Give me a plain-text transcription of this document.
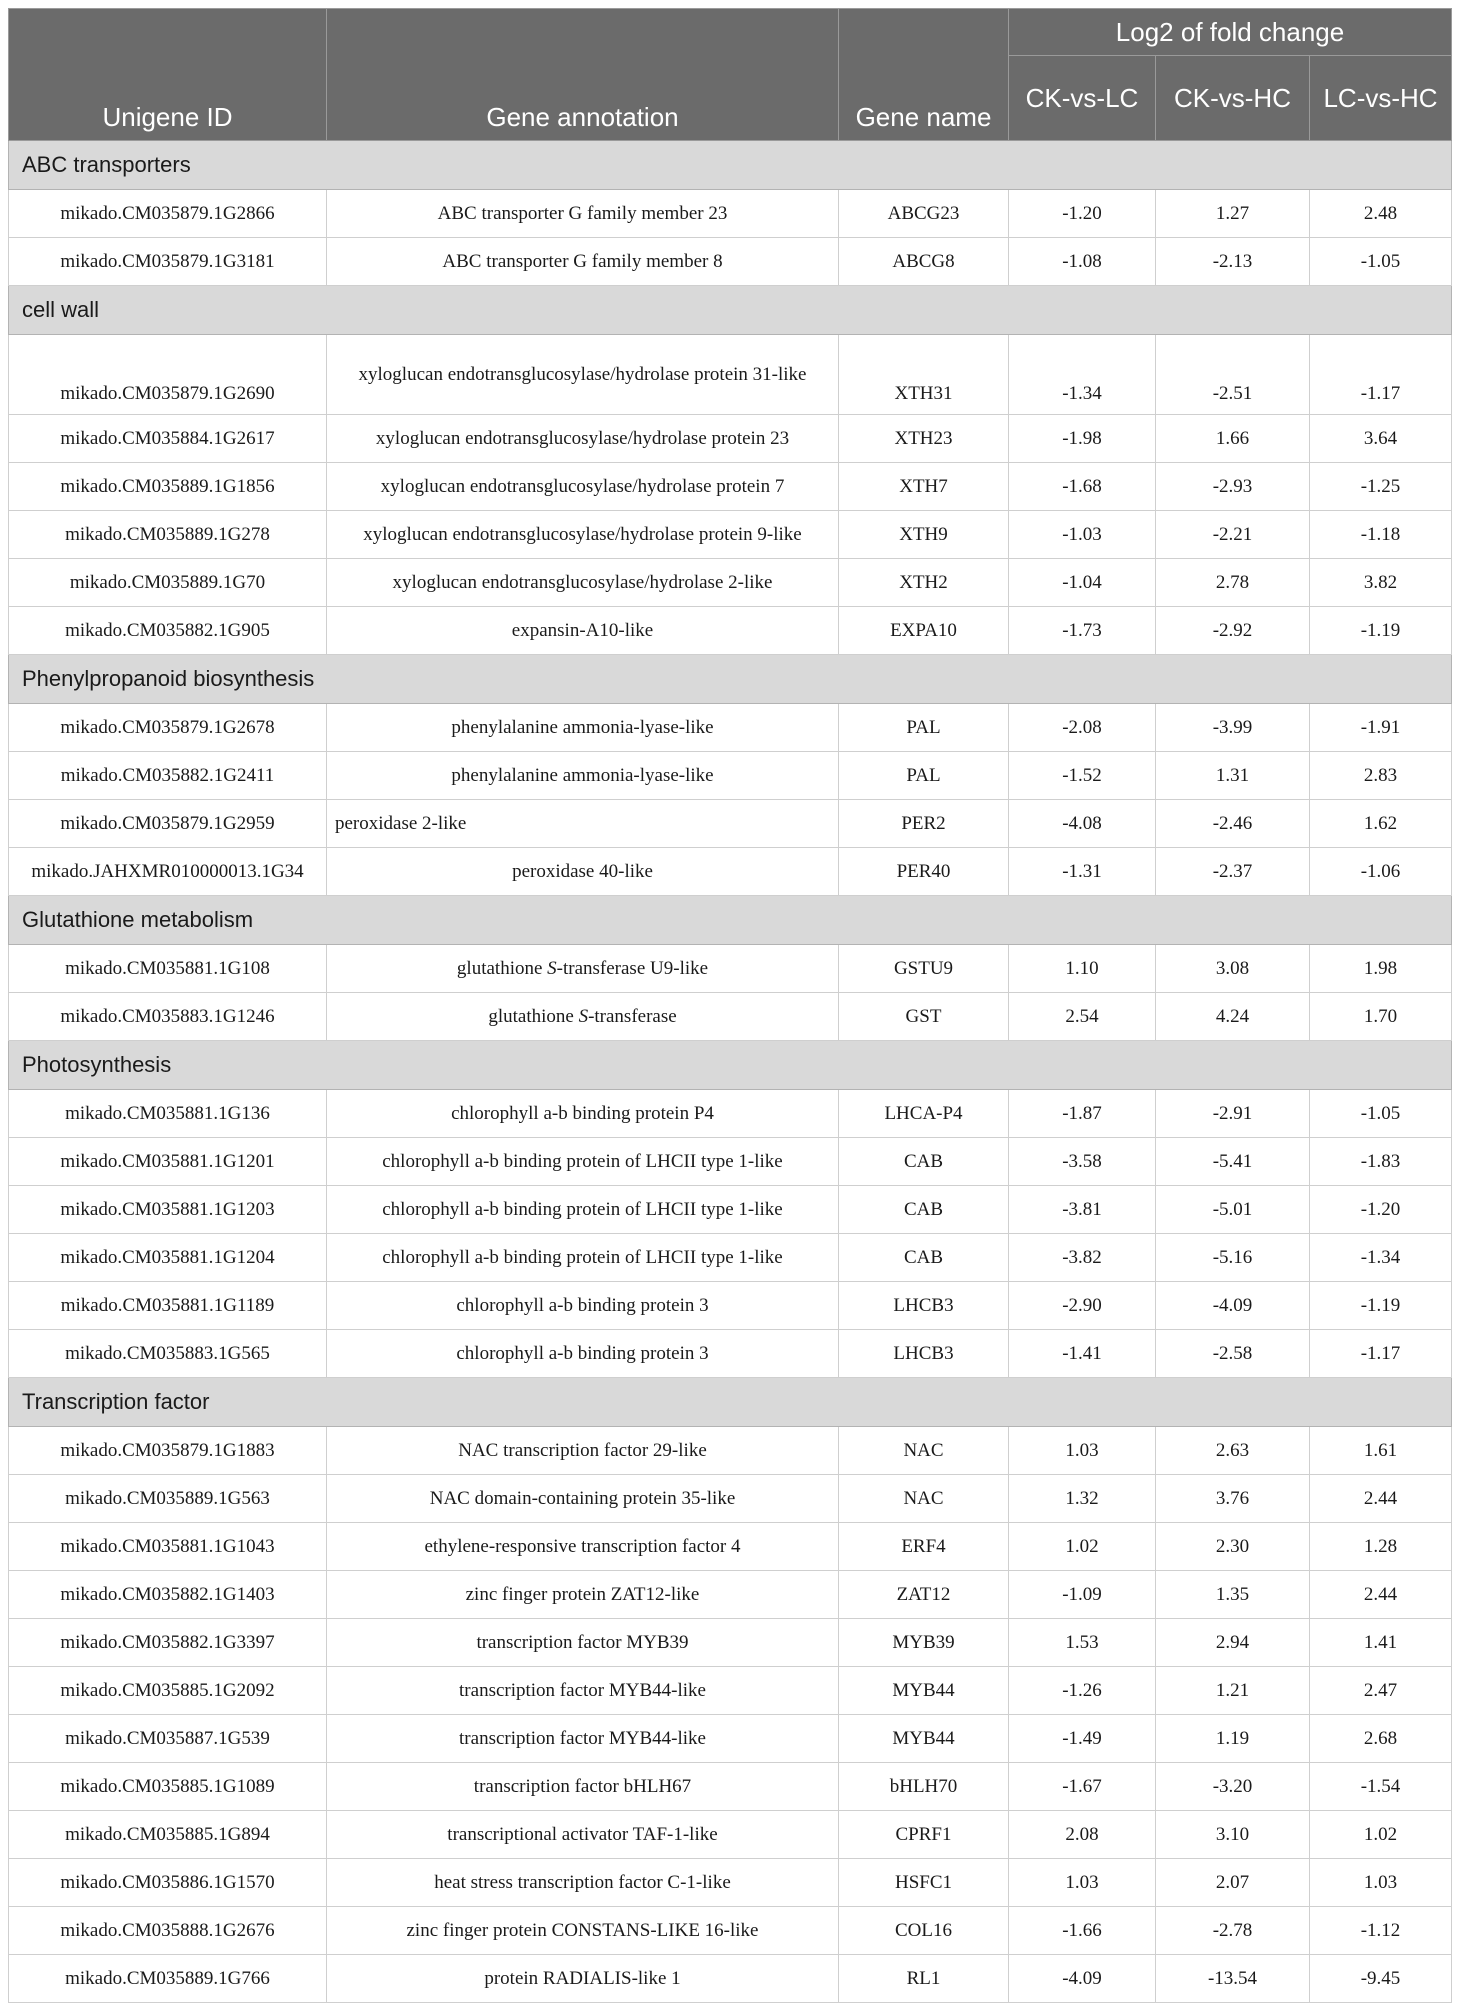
Unigene ID	Gene annotation	Gene name	Log2 of fold change		
			CK-vs-LC	CK-vs-HC	LC-vs-HC
ABC transporters					
mikado.CM035879.1G2866	ABC transporter G family member 23	ABCG23	-1.20	1.27	2.48
mikado.CM035879.1G3181	ABC transporter G family member 8	ABCG8	-1.08	-2.13	-1.05
cell wall					
mikado.CM035879.1G2690	xyloglucan endotransglucosylase/hydrolase protein 31-like	XTH31	-1.34	-2.51	-1.17
mikado.CM035884.1G2617	xyloglucan endotransglucosylase/hydrolase protein 23	XTH23	-1.98	1.66	3.64
mikado.CM035889.1G1856	xyloglucan endotransglucosylase/hydrolase protein 7	XTH7	-1.68	-2.93	-1.25
mikado.CM035889.1G278	xyloglucan endotransglucosylase/hydrolase protein 9-like	XTH9	-1.03	-2.21	-1.18
mikado.CM035889.1G70	xyloglucan endotransglucosylase/hydrolase 2-like	XTH2	-1.04	2.78	3.82
mikado.CM035882.1G905	expansin-A10-like	EXPA10	-1.73	-2.92	-1.19
Phenylpropanoid biosynthesis					
mikado.CM035879.1G2678	phenylalanine ammonia-lyase-like	PAL	-2.08	-3.99	-1.91
mikado.CM035882.1G2411	phenylalanine ammonia-lyase-like	PAL	-1.52	1.31	2.83
mikado.CM035879.1G2959	peroxidase 2-like	PER2	-4.08	-2.46	1.62
mikado.JAHXMR010000013.1G34	peroxidase 40-like	PER40	-1.31	-2.37	-1.06
Glutathione metabolism					
mikado.CM035881.1G108	glutathione S-transferase U9-like	GSTU9	1.10	3.08	1.98
mikado.CM035883.1G1246	glutathione S-transferase	GST	2.54	4.24	1.70
Photosynthesis					
mikado.CM035881.1G136	chlorophyll a-b binding protein P4	LHCA-P4	-1.87	-2.91	-1.05
mikado.CM035881.1G1201	chlorophyll a-b binding protein of LHCII type 1-like	CAB	-3.58	-5.41	-1.83
mikado.CM035881.1G1203	chlorophyll a-b binding protein of LHCII type 1-like	CAB	-3.81	-5.01	-1.20
mikado.CM035881.1G1204	chlorophyll a-b binding protein of LHCII type 1-like	CAB	-3.82	-5.16	-1.34
mikado.CM035881.1G1189	chlorophyll a-b binding protein 3	LHCB3	-2.90	-4.09	-1.19
mikado.CM035883.1G565	chlorophyll a-b binding protein 3	LHCB3	-1.41	-2.58	-1.17
Transcription factor					
mikado.CM035879.1G1883	NAC transcription factor 29-like	NAC	1.03	2.63	1.61
mikado.CM035889.1G563	NAC domain-containing protein 35-like	NAC	1.32	3.76	2.44
mikado.CM035881.1G1043	ethylene-responsive transcription factor 4	ERF4	1.02	2.30	1.28
mikado.CM035882.1G1403	zinc finger protein ZAT12-like	ZAT12	-1.09	1.35	2.44
mikado.CM035882.1G3397	transcription factor MYB39	MYB39	1.53	2.94	1.41
mikado.CM035885.1G2092	transcription factor MYB44-like	MYB44	-1.26	1.21	2.47
mikado.CM035887.1G539	transcription factor MYB44-like	MYB44	-1.49	1.19	2.68
mikado.CM035885.1G1089	transcription factor bHLH67	bHLH70	-1.67	-3.20	-1.54
mikado.CM035885.1G894	transcriptional activator TAF-1-like	CPRF1	2.08	3.10	1.02
mikado.CM035886.1G1570	heat stress transcription factor C-1-like	HSFC1	1.03	2.07	1.03
mikado.CM035888.1G2676	zinc finger protein CONSTANS-LIKE 16-like	COL16	-1.66	-2.78	-1.12
mikado.CM035889.1G766	protein RADIALIS-like 1	RL1	-4.09	-13.54	-9.45
